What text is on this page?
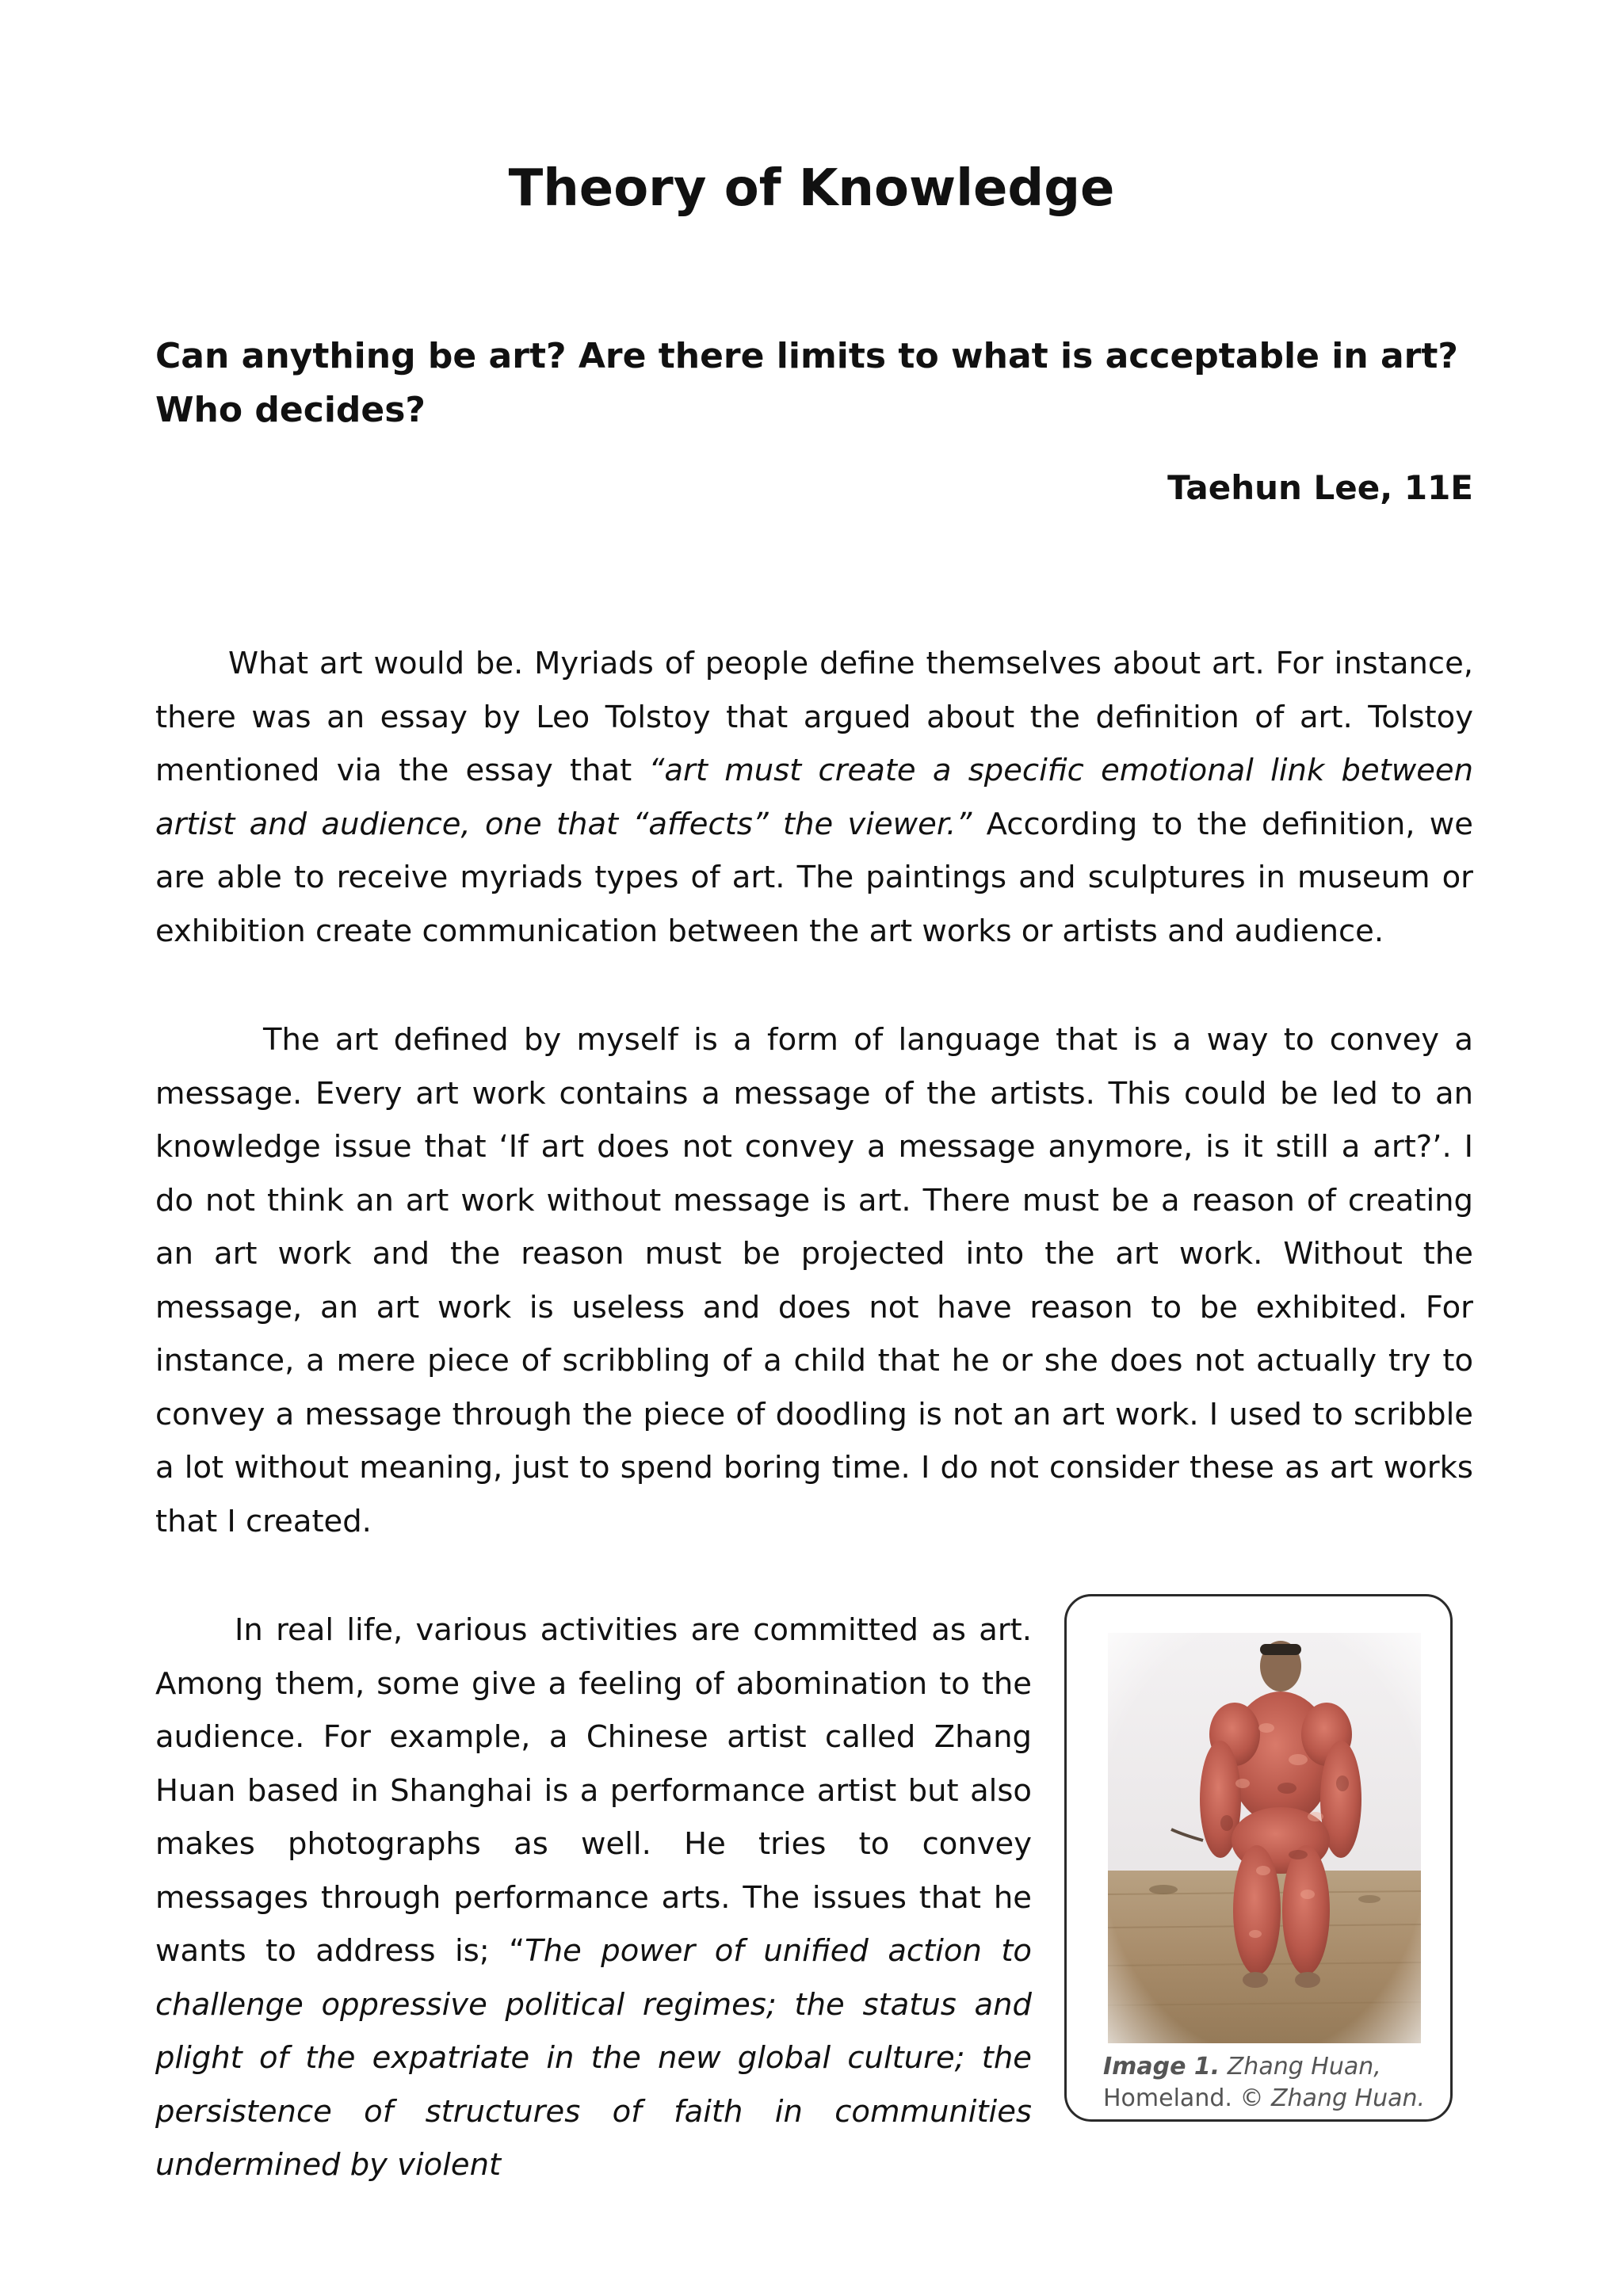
Theory of Knowledge

Can anything be art? Are there limits to what is acceptable in art?
Who decides?

Taehun Lee, 11E

What art would be. Myriads of people define themselves about art. For instance, there was an essay by Leo Tolstoy that argued about the definition of art. Tolstoy mentioned via the essay that “art must create a specific emotional link between artist and audience, one that “affects” the viewer.” According to the definition, we are able to receive myriads types of art. The paintings and sculptures in museum or exhibition create communication between the art works or artists and audience.

The art defined by myself is a form of language that is a way to convey a message. Every art work contains a message of the artists. This could be led to an knowledge issue that ‘If art does not convey a message anymore, is it still a art?’. I do not think an art work without message is art. There must be a reason of creating an art work and the reason must be projected into the art work. Without the message, an art work is useless and does not have reason to be exhibited. For instance, a mere piece of scribbling of a child that he or she does not actually try to convey a message through the piece of doodling is not an art work. I used to scribble a lot without meaning, just to spend boring time. I do not consider these as art works that I created.

In real life, various activities are committed as art. Among them, some give a feeling of abomination to the audience. For example, a Chinese artist called Zhang Huan based in Shanghai is a performance artist but also makes photographs as well. He tries to convey messages through performance arts. The issues that he wants to address is; “The power of unified action to challenge oppressive political regimes; the status and plight of the expatriate in the new global culture; the persistence of structures of faith in communities undermined by violent

Image 1. Zhang Huan,
Homeland. © Zhang Huan.
